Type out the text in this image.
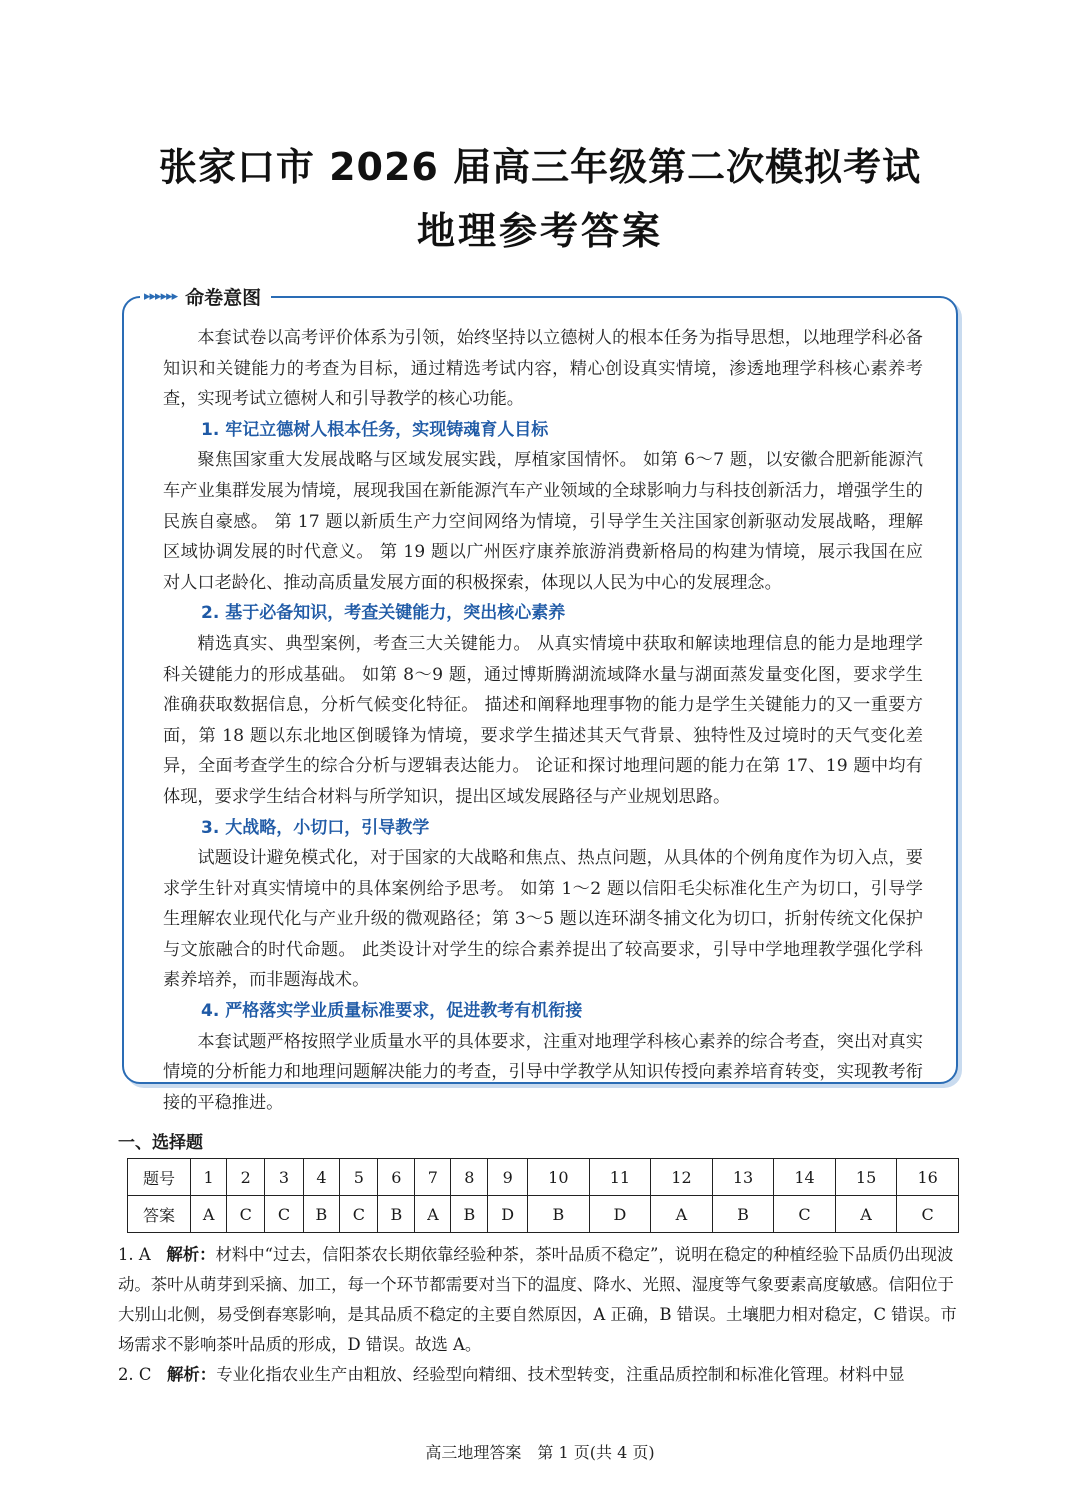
张家口市 2026 届高三年级第二次模拟考试
地理参考答案
▸▸▸▸▸▸ 命卷意图

本套试卷以高考评价体系为引领，始终坚持以立德树人的根本任务为指导思想，以地理学科必备知识和关键能力的考查为目标，通过精选考试内容，精心创设真实情境，渗透地理学科核心素养考查，实现考试立德树人和引导教学的核心功能。

1. 牢记立德树人根本任务，实现铸魂育人目标

聚焦国家重大发展战略与区域发展实践，厚植家国情怀。 如第 6～7 题，以安徽合肥新能源汽车产业集群发展为情境，展现我国在新能源汽车产业领域的全球影响力与科技创新活力，增强学生的民族自豪感。 第 17 题以新质生产力空间网络为情境，引导学生关注国家创新驱动发展战略，理解区域协调发展的时代意义。 第 19 题以广州医疗康养旅游消费新格局的构建为情境，展示我国在应对人口老龄化、推动高质量发展方面的积极探索，体现以人民为中心的发展理念。

2. 基于必备知识，考查关键能力，突出核心素养

精选真实、典型案例，考查三大关键能力。 从真实情境中获取和解读地理信息的能力是地理学科关键能力的形成基础。 如第 8～9 题，通过博斯腾湖流域降水量与湖面蒸发量变化图，要求学生准确获取数据信息，分析气候变化特征。 描述和阐释地理事物的能力是学生关键能力的又一重要方面，第 18 题以东北地区倒暖锋为情境，要求学生描述其天气背景、独特性及过境时的天气变化差异，全面考查学生的综合分析与逻辑表达能力。 论证和探讨地理问题的能力在第 17、19 题中均有体现，要求学生结合材料与所学知识，提出区域发展路径与产业规划思路。

3. 大战略，小切口，引导教学

试题设计避免模式化，对于国家的大战略和焦点、热点问题，从具体的个例角度作为切入点，要求学生针对真实情境中的具体案例给予思考。 如第 1～2 题以信阳毛尖标准化生产为切口，引导学生理解农业现代化与产业升级的微观路径；第 3～5 题以连环湖冬捕文化为切口，折射传统文化保护与文旅融合的时代命题。 此类设计对学生的综合素养提出了较高要求，引导中学地理教学强化学科素养培养，而非题海战术。

4. 严格落实学业质量标准要求，促进教考有机衔接

本套试题严格按照学业质量水平的具体要求，注重对地理学科核心素养的综合考查，突出对真实情境的分析能力和地理问题解决能力的考查，引导中学教学从知识传授向素养培育转变，实现教考衔接的平稳推进。

一、选择题
题号	1	2	3	4	5	6	7	8	9	10	11	12	13	14	15	16
答案	A	C	C	B	C	B	A	B	D	B	D	A	B	C	A	C
1. A 解析：材料中“过去，信阳茶农长期依靠经验种茶，茶叶品质不稳定”，说明在稳定的种植经验下品质仍出现波动。茶叶从萌芽到采摘、加工，每一个环节都需要对当下的温度、降水、光照、湿度等气象要素高度敏感。信阳位于大别山北侧，易受倒春寒影响，是其品质不稳定的主要自然原因，A 正确，B 错误。土壤肥力相对稳定，C 错误。市场需求不影响茶叶品质的形成，D 错误。故选 A。
2. C 解析：专业化指农业生产由粗放、经验型向精细、技术型转变，注重品质控制和标准化管理。材料中显
高三地理答案　第 1 页(共 4 页)
